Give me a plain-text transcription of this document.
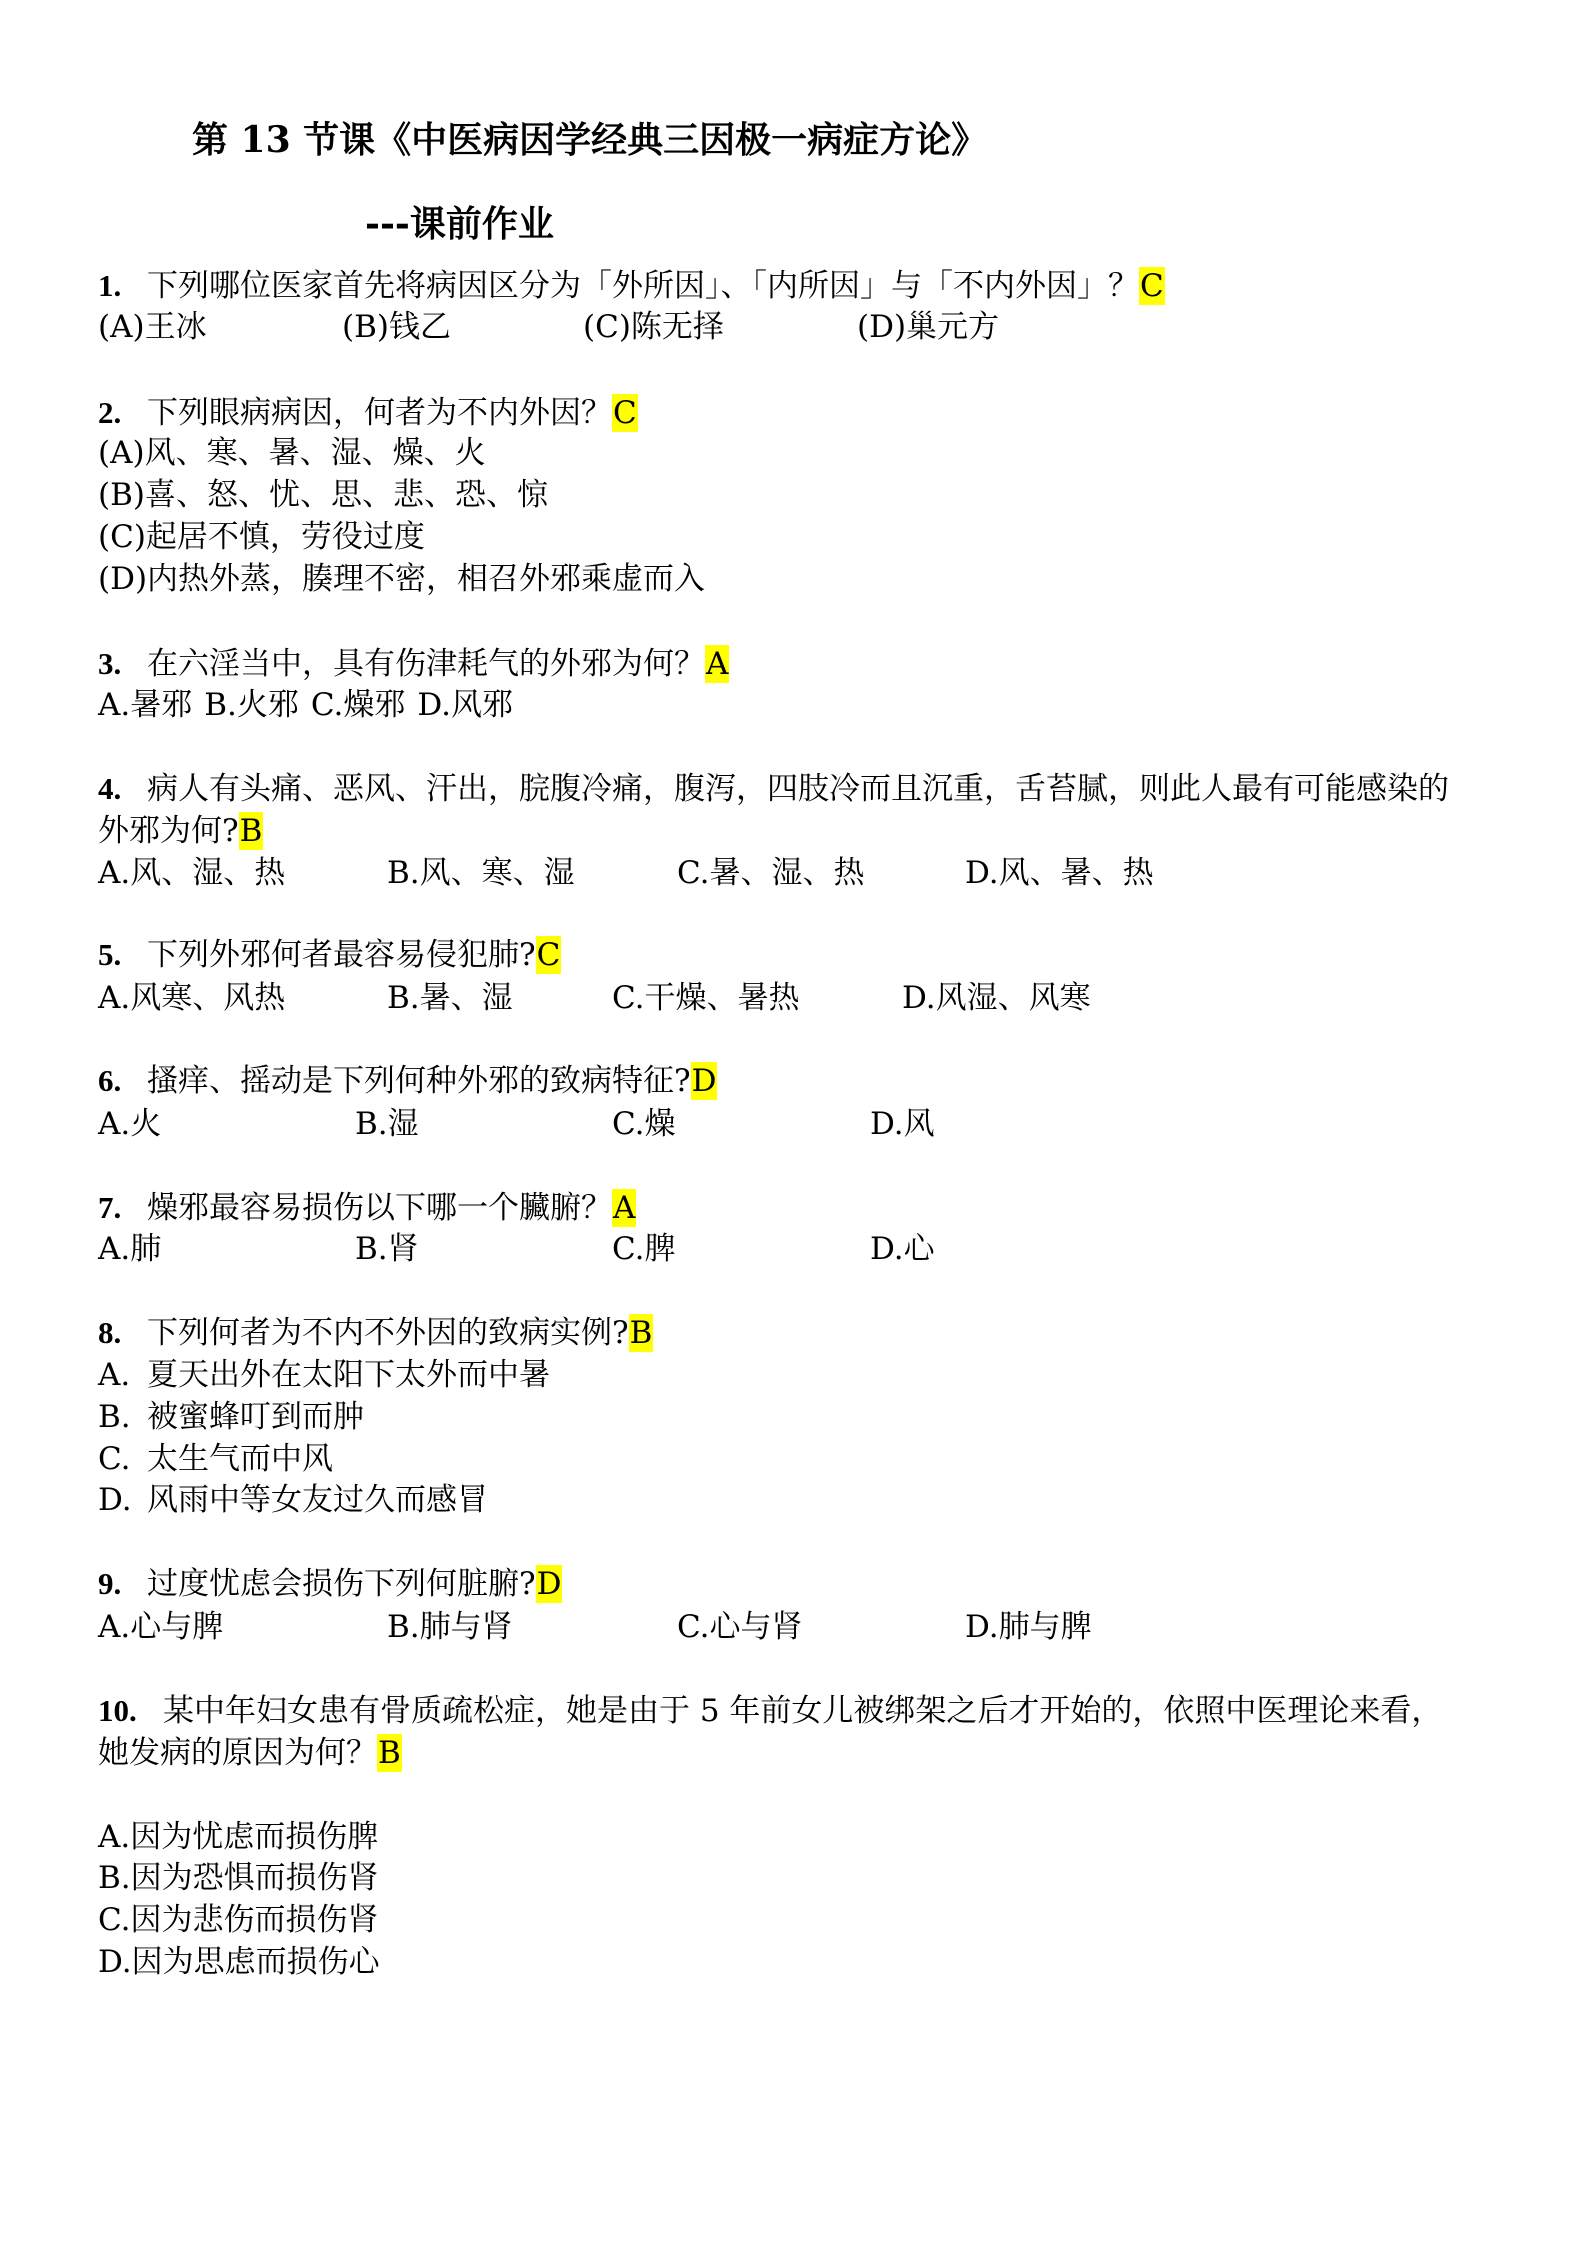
第 13 节课《中医病因学经典三因极一病症方论》
---课前作业
1. 下列哪位医家首先将病因区分为「外所因」、「内所因」与「不内外因」？C
(A)王冰	(B)钱乙	(C)陈无择	(D)巢元方
2. 下列眼病病因，何者为不内外因？C
(A)风、寒、暑、湿、燥、火
(B)喜、怒、忧、思、悲、恐、惊
(C)起居不慎，劳役过度
(D)内热外蒸，腠理不密，相召外邪乘虚而入
3. 在六淫当中，具有伤津耗气的外邪为何？A
A.暑邪 B.火邪 C.燥邪 D.风邪
4. 病人有头痛、恶风、汗出，脘腹冷痛，腹泻，四肢冷而且沉重，舌苔腻，则此人最有可能感染的
外邪为何?B
A.风、湿、热	B.风、寒、湿	C.暑、湿、热	D.风、暑、热
5. 下列外邪何者最容易侵犯肺?C
A.风寒、风热	B.暑、湿	C.干燥、暑热	D.风湿、风寒
6. 搔痒、摇动是下列何种外邪的致病特征?D
A.火	B.湿	C.燥	D.风
7. 燥邪最容易损伤以下哪一个臟腑？A
A.肺	B.肾	C.脾	D.心
8. 下列何者为不内不外因的致病实例?B
A. 夏天出外在太阳下太外而中暑
B. 被蜜蜂叮到而肿
C. 太生气而中风
D. 风雨中等女友过久而感冒
9. 过度忧虑会损伤下列何脏腑?D
A.心与脾	B.肺与肾	C.心与肾	D.肺与脾
10. 某中年妇女患有骨质疏松症，她是由于 5 年前女儿被绑架之后才开始的，依照中医理论来看，
她发病的原因为何？B
A.因为忧虑而损伤脾
B.因为恐惧而损伤肾
C.因为悲伤而损伤肾
D.因为思虑而损伤心
